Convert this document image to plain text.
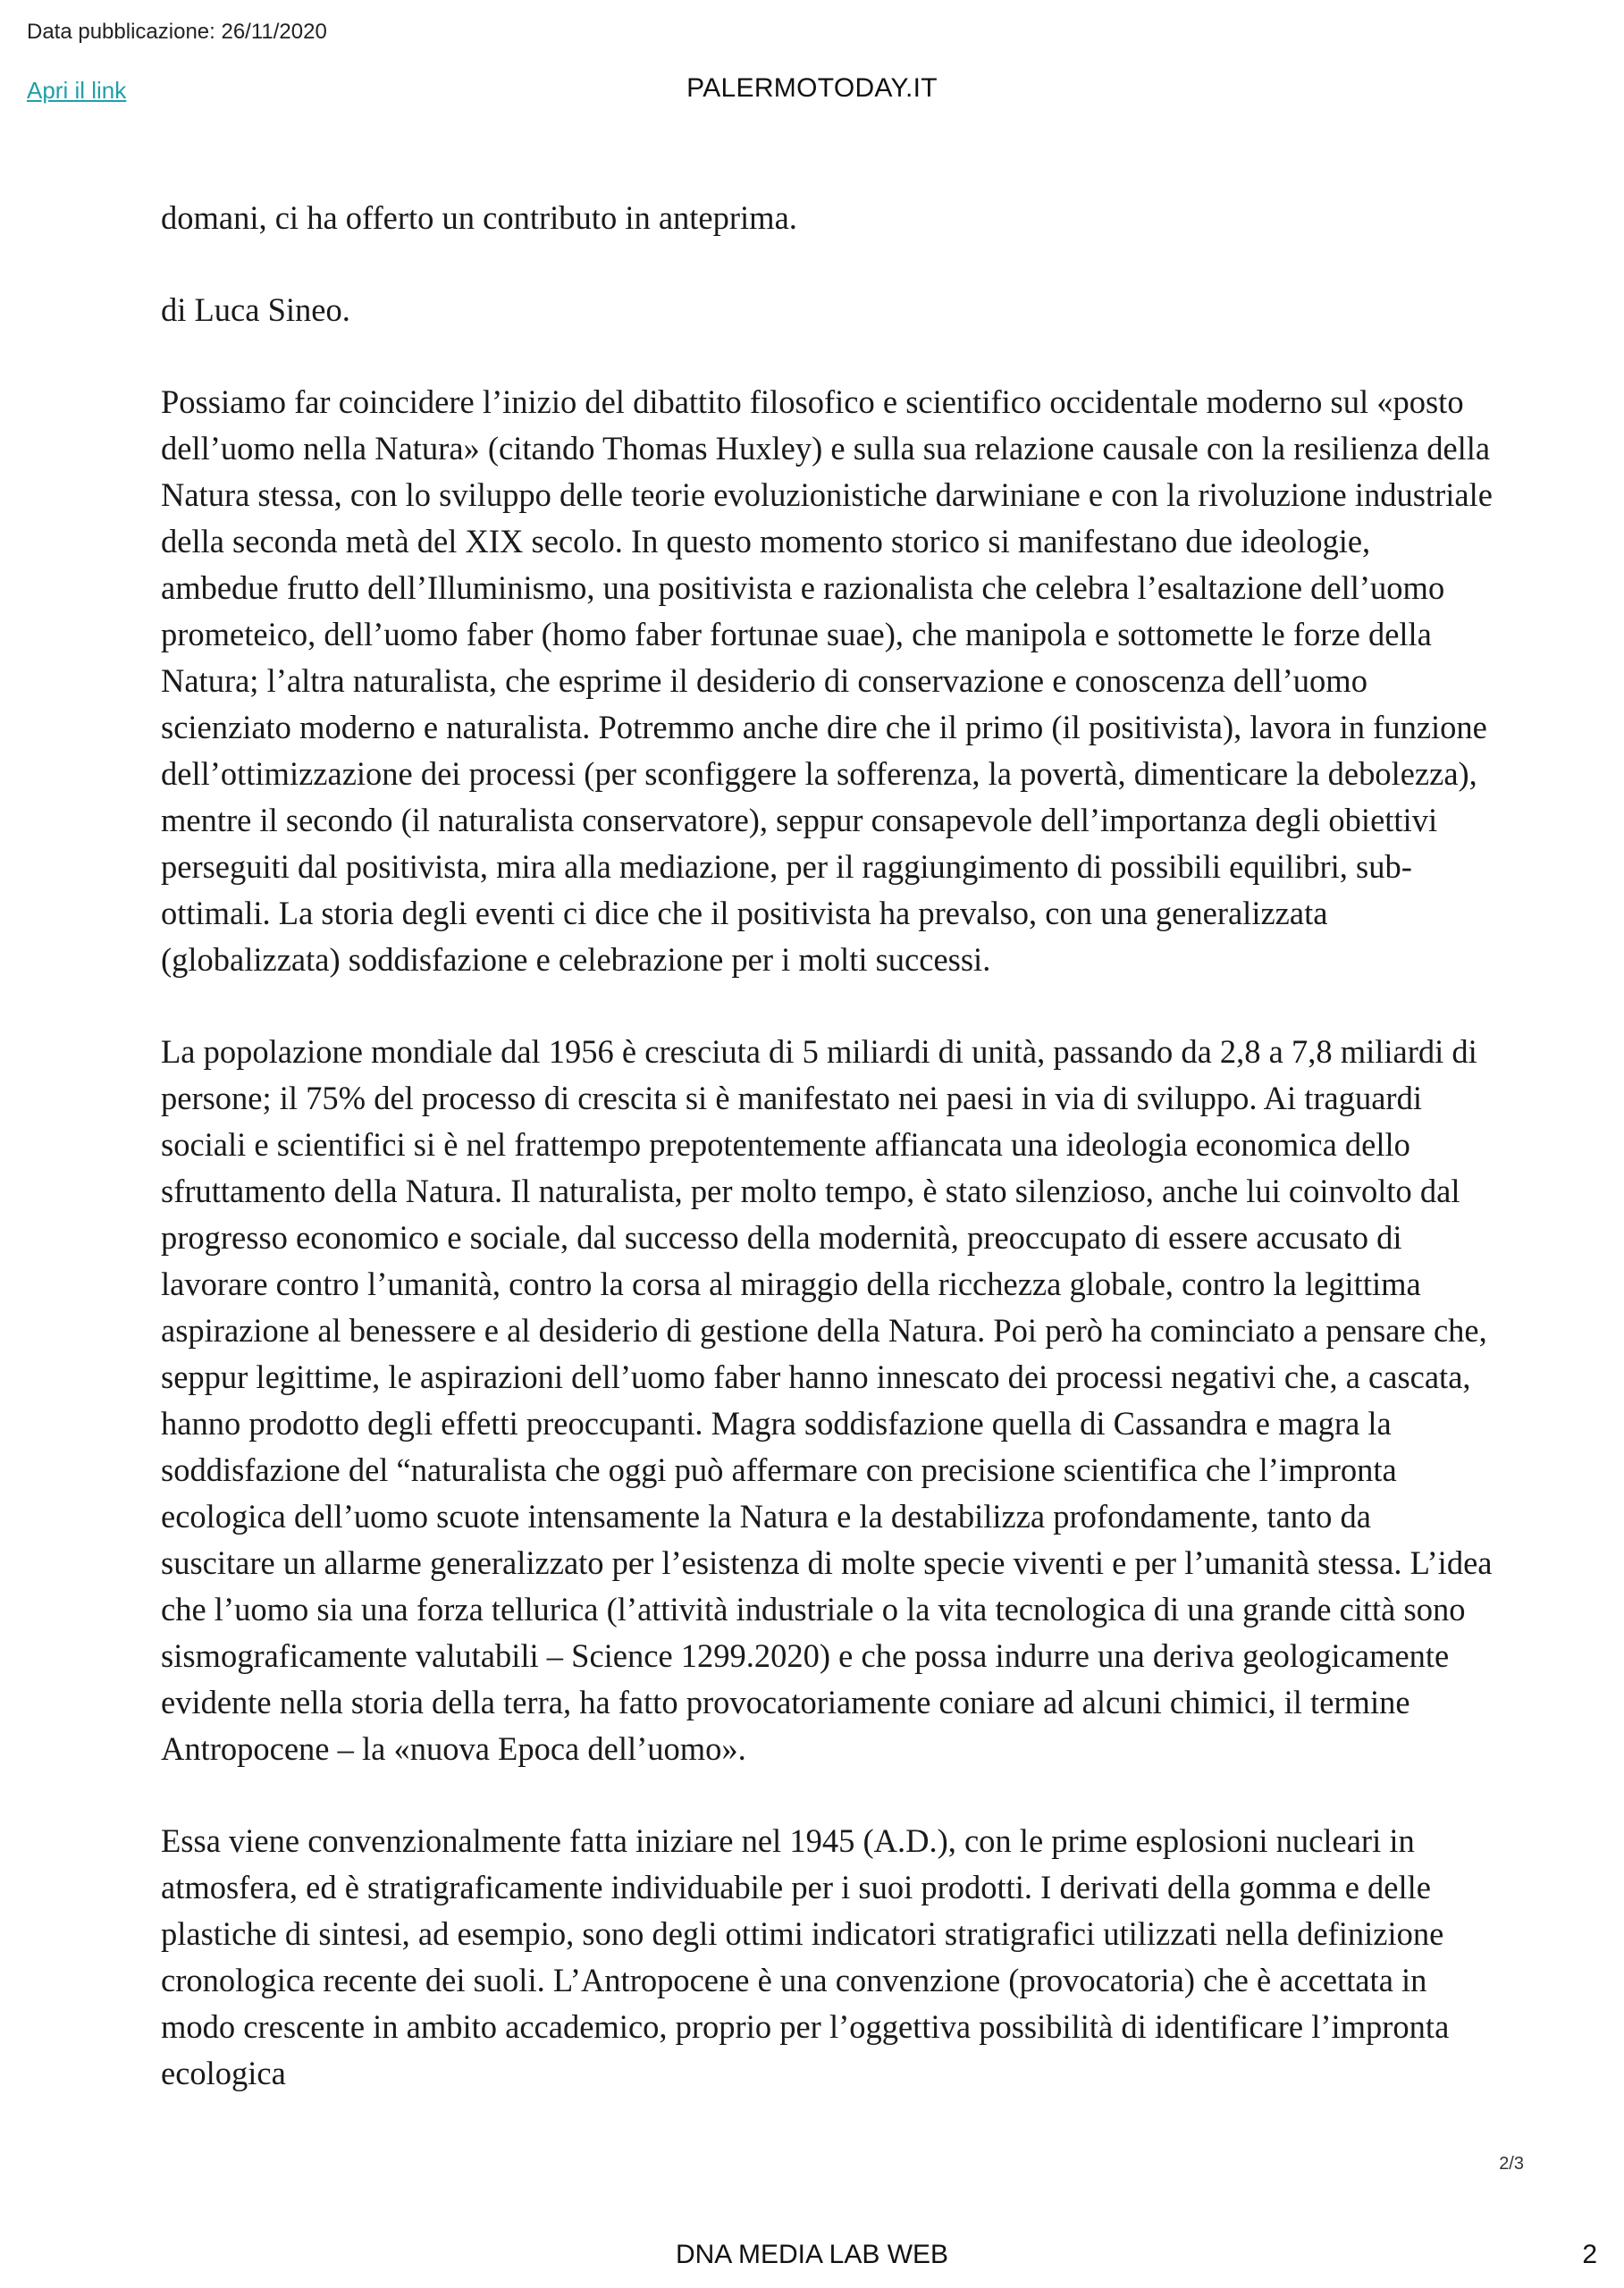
Data pubblicazione: 26/11/2020
Apri il link	PALERMOTODAY.IT

domani, ci ha offerto un contributo in anteprima.

di Luca Sineo.

Possiamo far coincidere l’inizio del dibattito filosofico e scientifico occidentale moderno sul «posto dell’uomo nella Natura» (citando Thomas Huxley) e sulla sua relazione causale con la resilienza della Natura stessa, con lo sviluppo delle teorie evoluzionistiche darwiniane e con la rivoluzione industriale della seconda metà del XIX secolo. In questo momento storico si manifestano due ideologie, ambedue frutto dell’Illuminismo, una positivista e razionalista che celebra l’esaltazione dell’uomo prometeico, dell’uomo faber (homo faber fortunae suae), che manipola e sottomette le forze della Natura; l’altra naturalista, che esprime il desiderio di conservazione e conoscenza dell’uomo scienziato moderno e naturalista. Potremmo anche dire che il primo (il positivista), lavora in funzione dell’ottimizzazione dei processi (per sconfiggere la sofferenza, la povertà, dimenticare la debolezza), mentre il secondo (il naturalista conservatore), seppur consapevole dell’importanza degli obiettivi perseguiti dal positivista, mira alla mediazione, per il raggiungimento di possibili equilibri, sub-ottimali. La storia degli eventi ci dice che il positivista ha prevalso, con una generalizzata (globalizzata) soddisfazione e celebrazione per i molti successi.

La popolazione mondiale dal 1956 è cresciuta di 5 miliardi di unità, passando da 2,8 a 7,8 miliardi di persone; il 75% del processo di crescita si è manifestato nei paesi in via di sviluppo. Ai traguardi sociali e scientifici si è nel frattempo prepotentemente affiancata una ideologia economica dello sfruttamento della Natura. Il naturalista, per molto tempo, è stato silenzioso, anche lui coinvolto dal progresso economico e sociale, dal successo della modernità, preoccupato di essere accusato di lavorare contro l’umanità, contro la corsa al miraggio della ricchezza globale, contro la legittima aspirazione al benessere e al desiderio di gestione della Natura. Poi però ha cominciato a pensare che, seppur legittime, le aspirazioni dell’uomo faber hanno innescato dei processi negativi che, a cascata, hanno prodotto degli effetti preoccupanti. Magra soddisfazione quella di Cassandra e magra la soddisfazione del “naturalista che oggi può affermare con precisione scientifica che l’impronta ecologica dell’uomo scuote intensamente la Natura e la destabilizza profondamente, tanto da suscitare un allarme generalizzato per l’esistenza di molte specie viventi e per l’umanità stessa. L’idea che l’uomo sia una forza tellurica (l’attività industriale o la vita tecnologica di una grande città sono sismograficamente valutabili – Science 1299.2020) e che possa indurre una deriva geologicamente evidente nella storia della terra, ha fatto provocatoriamente coniare ad alcuni chimici, il termine Antropocene – la «nuova Epoca dell’uomo».

Essa viene convenzionalmente fatta iniziare nel 1945 (A.D.), con le prime esplosioni nucleari in atmosfera, ed è stratigraficamente individuabile per i suoi prodotti. I derivati della gomma e delle plastiche di sintesi, ad esempio, sono degli ottimi indicatori stratigrafici utilizzati nella definizione cronologica recente dei suoli. L’Antropocene è una convenzione (provocatoria) che è accettata in modo crescente in ambito accademico, proprio per l’oggettiva possibilità di identificare l’impronta ecologica

2/3
DNA MEDIA LAB WEB	2
